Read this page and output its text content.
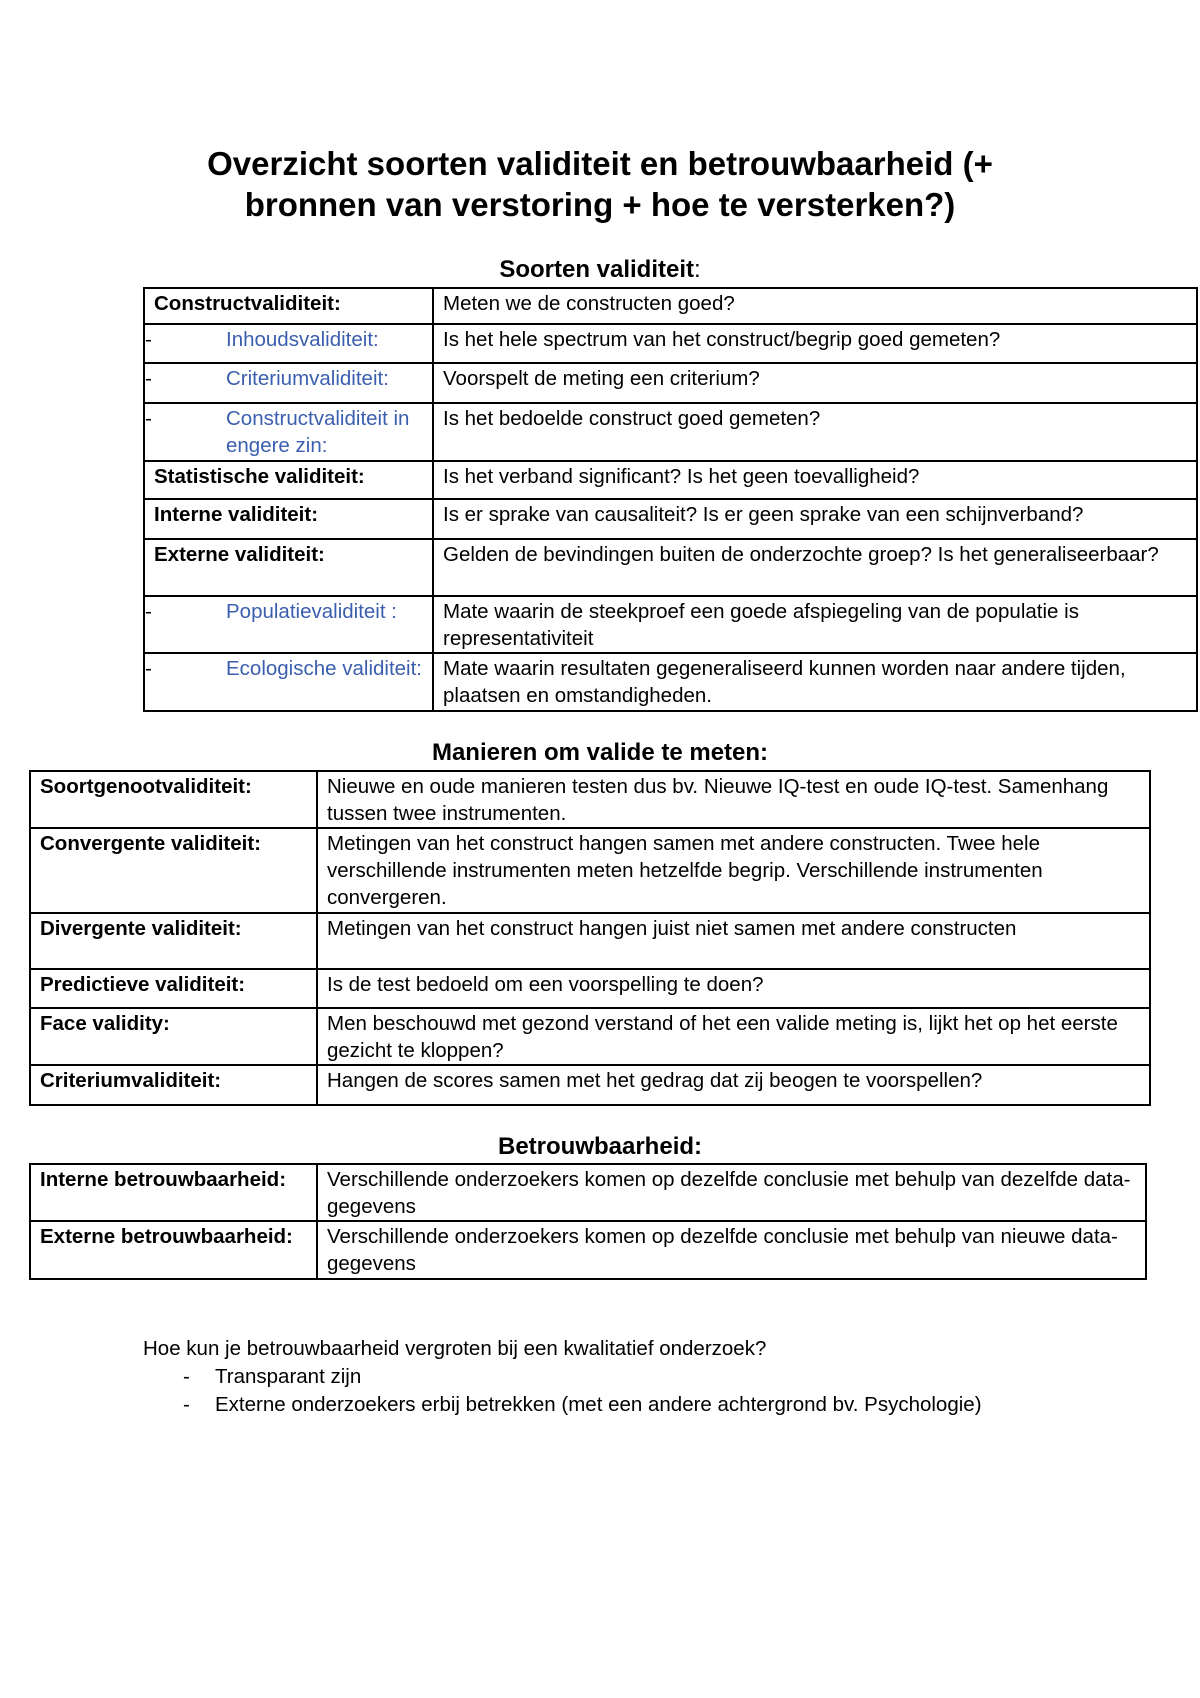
Overzicht soorten validiteit en betrouwbaarheid (+
bronnen van verstoring + hoe te versterken?)
Soorten validiteit:
Constructvaliditeit:	Meten we de constructen goed?

- Inhoudsvaliditeit:	Is het hele spectrum van het construct/begrip goed gemeten?

- Criteriumvaliditeit:	Voorspelt de meting een criterium?

- Constructvaliditeit in engere zin:	Is het bedoelde construct goed gemeten?
Statistische validiteit:	Is het verband significant? Is het geen toevalligheid?
Interne validiteit:	Is er sprake van causaliteit? Is er geen sprake van een schijnverband?
Externe validiteit:	Gelden de bevindingen buiten de onderzochte groep? Is het generaliseerbaar?

- Populatievaliditeit :	Mate waarin de steekproef een goede afspiegeling van de populatie is representativiteit

- Ecologische validiteit:	Mate waarin resultaten gegeneraliseerd kunnen worden naar andere tijden, plaatsen en omstandigheden.
Manieren om valide te meten:
Soortgenootvaliditeit:	Nieuwe en oude manieren testen dus bv. Nieuwe IQ-test en oude IQ-test. Samenhang tussen twee instrumenten.
Convergente validiteit:	Metingen van het construct hangen samen met andere constructen. Twee hele verschillende instrumenten meten hetzelfde begrip. Verschillende instrumenten convergeren.
Divergente validiteit:	Metingen van het construct hangen juist niet samen met andere constructen
Predictieve validiteit:	Is de test bedoeld om een voorspelling te doen?
Face validity:	Men beschouwd met gezond verstand of het een valide meting is, lijkt het op het eerste gezicht te kloppen?
Criteriumvaliditeit:	Hangen de scores samen met het gedrag dat zij beogen te voorspellen?
Betrouwbaarheid:
Interne betrouwbaarheid:	Verschillende onderzoekers komen op dezelfde conclusie met behulp van dezelfde data-gegevens
Externe betrouwbaarheid:	Verschillende onderzoekers komen op dezelfde conclusie met behulp van nieuwe data-gegevens
Hoe kun je betrouwbaarheid vergroten bij een kwalitatief onderzoek?
- Transparant zijn
- Externe onderzoekers erbij betrekken (met een andere achtergrond bv. Psychologie)
